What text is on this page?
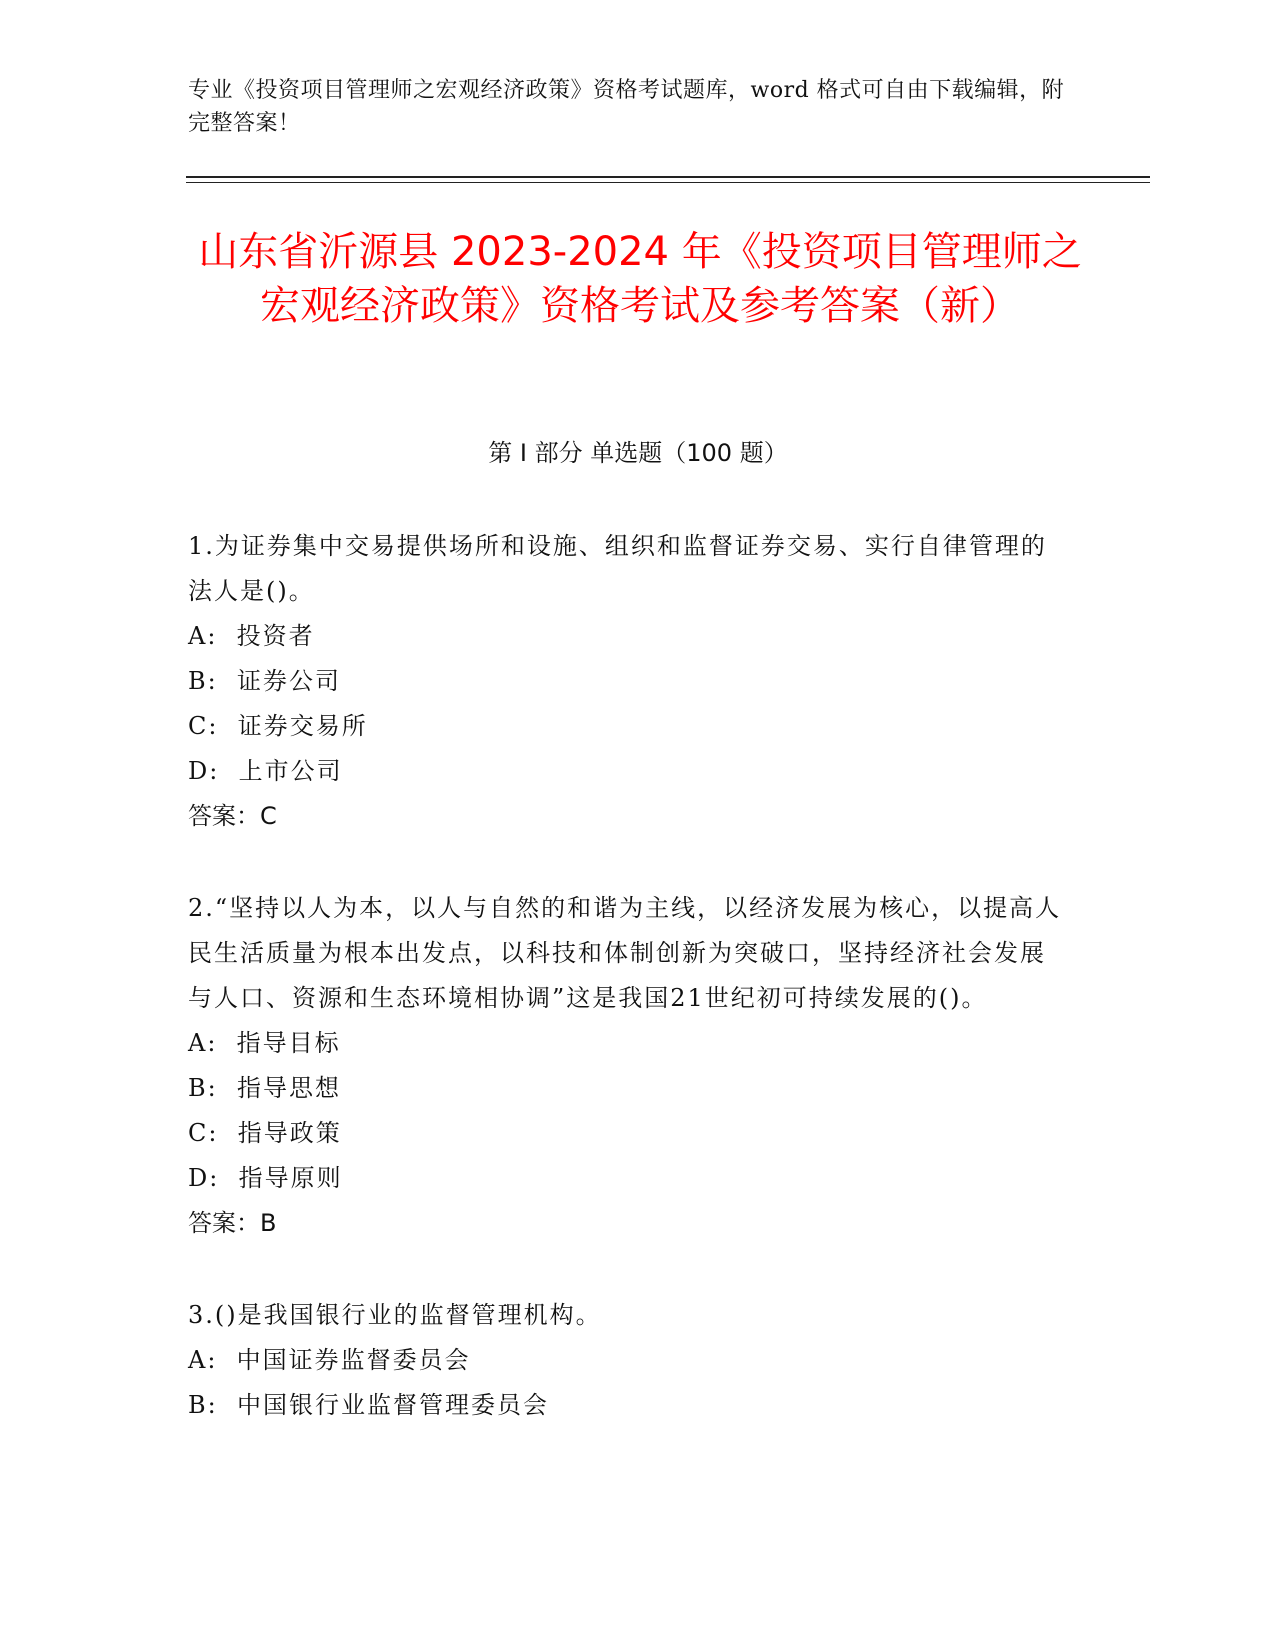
专业《投资项目管理师之宏观经济政策》资格考试题库，word 格式可自由下载编辑，附完整答案！
山东省沂源县 2023-2024 年《投资项目管理师之宏观经济政策》资格考试及参考答案（新）
第 I 部分 单选题（100 题）
1.为证券集中交易提供场所和设施、组织和监督证券交易、实行自律管理的法人是()。
A:  投资者
B:  证券公司
C:  证券交易所
D:  上市公司
答案：C
2.“坚持以人为本，以人与自然的和谐为主线，以经济发展为核心，以提高人民生活质量为根本出发点，以科技和体制创新为突破口，坚持经济社会发展与人口、资源和生态环境相协调”这是我国21世纪初可持续发展的()。
A:  指导目标
B:  指导思想
C:  指导政策
D:  指导原则
答案：B
3.()是我国银行业的监督管理机构。
A:  中国证券监督委员会
B:  中国银行业监督管理委员会
